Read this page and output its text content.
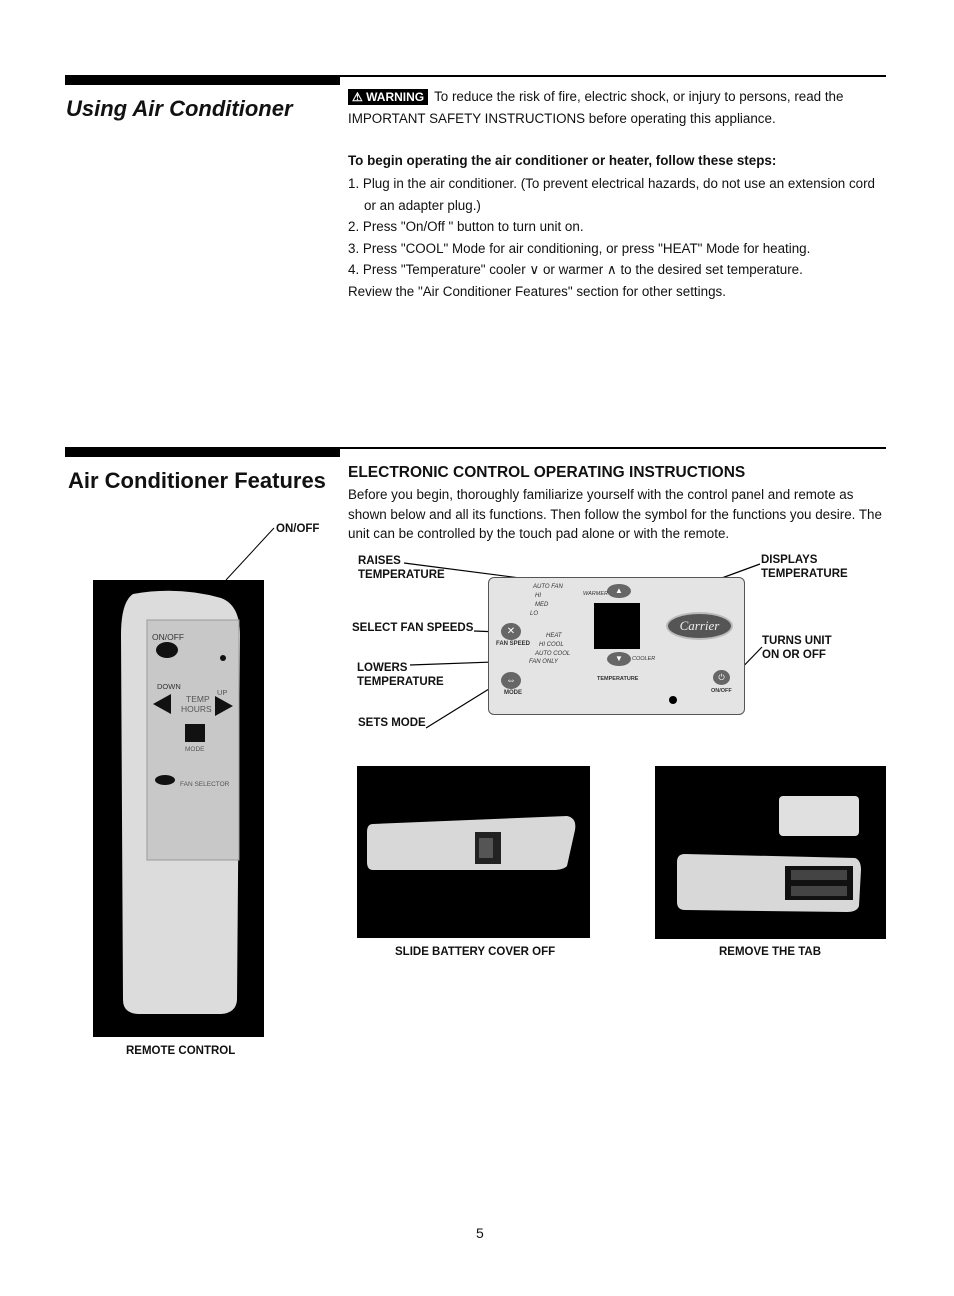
Using Air Conditioner	⚠ WARNING To reduce the risk of fire, electric shock, or injury to persons, read the IMPORTANT SAFETY INSTRUCTIONS before operating this appliance.
To begin operating the air conditioner or heater, follow these steps:
1. Plug in the air conditioner. (To prevent electrical hazards, do not use an extension cord or an adapter plug.)
2. Press "On/Off " button to turn unit on.
3. Press "COOL" Mode for air conditioning, or press "HEAT" Mode for heating.
4. Press "Temperature" cooler ∨ or warmer ∧ to the desired set temperature.
Review the "Air Conditioner Features" section for other settings.
Air Conditioner Features ELECTRONIC CONTROL OPERATING INSTRUCTIONS
Before you begin, thoroughly familiarize yourself with the control panel and remote as shown below and all its functions. Then follow the symbol for the functions you desire. The unit can be controlled by the touch pad alone or with the remote.
ON/OFF
ON/OFF
DOWN
UP
TEMP
HOURS
MODE
FAN SELECTOR
REMOTE CONTROL
RAISES TEMPERATURE
SELECT FAN SPEEDS
LOWERS TEMPERATURE
SETS MODE
DISPLAYS TEMPERATURE
TURNS UNIT ON OR OFF
AUTO FAN
HI
MED
LO
✕
FAN SPEED
HEAT
HI COOL
AUTO COOL
FAN ONLY
⇔
MODE
▲
WARMER
▼	COOLER
TEMPERATURE
Carrier
⏻
ON/OFF
SLIDE BATTERY COVER OFF	REMOVE THE TAB
5
